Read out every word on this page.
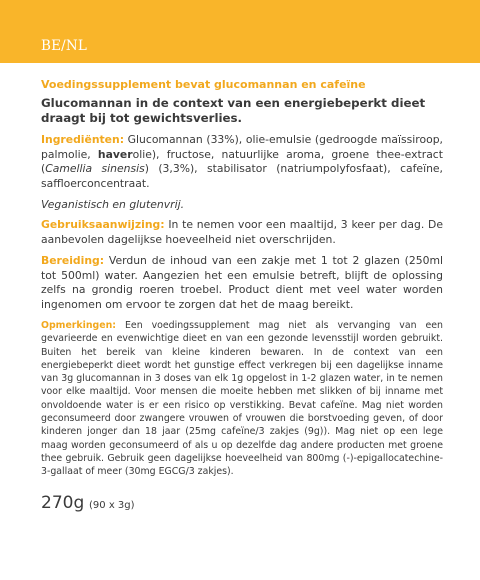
BE/NL

Voedingssupplement bevat glucomannan en cafeïne

Glucomannan in de context van een energiebeperkt dieet draagt bij tot gewichtsverlies.

Ingrediënten: Glucomannan (33%), olie-emulsie (gedroogde maïssiroop, palmolie, haverolie), fructose, natuurlijke aroma, groene thee-extract (Camellia sinensis) (3,3%), stabilisator (natriumpolyfosfaat), cafeïne, saffloerconcentraat.

Veganistisch en glutenvrij.

Gebruiksaanwijzing: In te nemen voor een maaltijd, 3 keer per dag. De aanbevolen dagelijkse hoeveelheid niet overschrijden.

Bereiding: Verdun de inhoud van een zakje met 1 tot 2 glazen (250ml tot 500ml) water. Aangezien het een emulsie betreft, blijft de oplossing zelfs na grondig roeren troebel. Product dient met veel water worden ingenomen om ervoor te zorgen dat het de maag bereikt.

Opmerkingen: Een voedingssupplement mag niet als vervanging van een gevarieerde en evenwichtige dieet en van een gezonde levensstijl worden gebruikt. Buiten het bereik van kleine kinderen bewaren. In de context van een energiebeperkt dieet wordt het gunstige effect verkregen bij een dagelijkse inname van 3g glucomannan in 3 doses van elk 1g opgelost in 1-2 glazen water, in te nemen voor elke maaltijd. Voor mensen die moeite hebben met slikken of bij inname met onvoldoende water is er een risico op verstikking. Bevat cafeïne. Mag niet worden geconsumeerd door zwangere vrouwen of vrouwen die borstvoeding geven, of door kinderen jonger dan 18 jaar (25mg cafeïne/3 zakjes (9g)). Mag niet op een lege maag worden geconsumeerd of als u op dezelfde dag andere producten met groene thee gebruik. Gebruik geen dagelijkse hoeveelheid van 800mg (-)-epigallocatechine-3-gallaat of meer (30mg EGCG/3 zakjes).

270g (90 x 3g)
